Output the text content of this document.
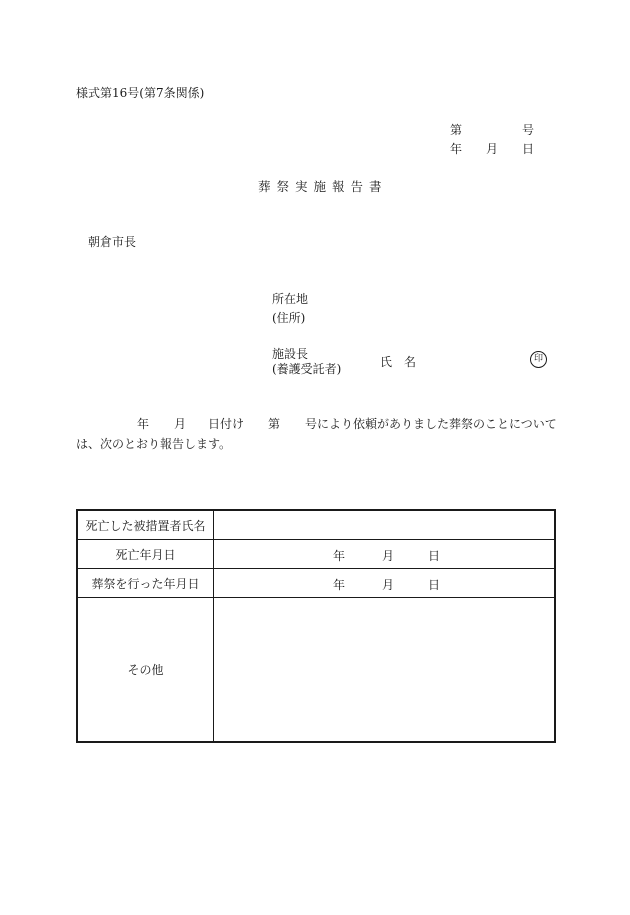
様式第16号(第7条関係)
第	号
年 月 日
葬祭実施報告書
朝倉市長
所在地
(住所)
施設長
(養護受託者)	氏　名	印
年 月 日付け 第 号により依頼がありました葬祭のことについて
は、次のとおり報告します。
死亡した被措置者氏名	
死亡年月日	年 月 日

葬祭を行った年月日	年 月 日

その他	
